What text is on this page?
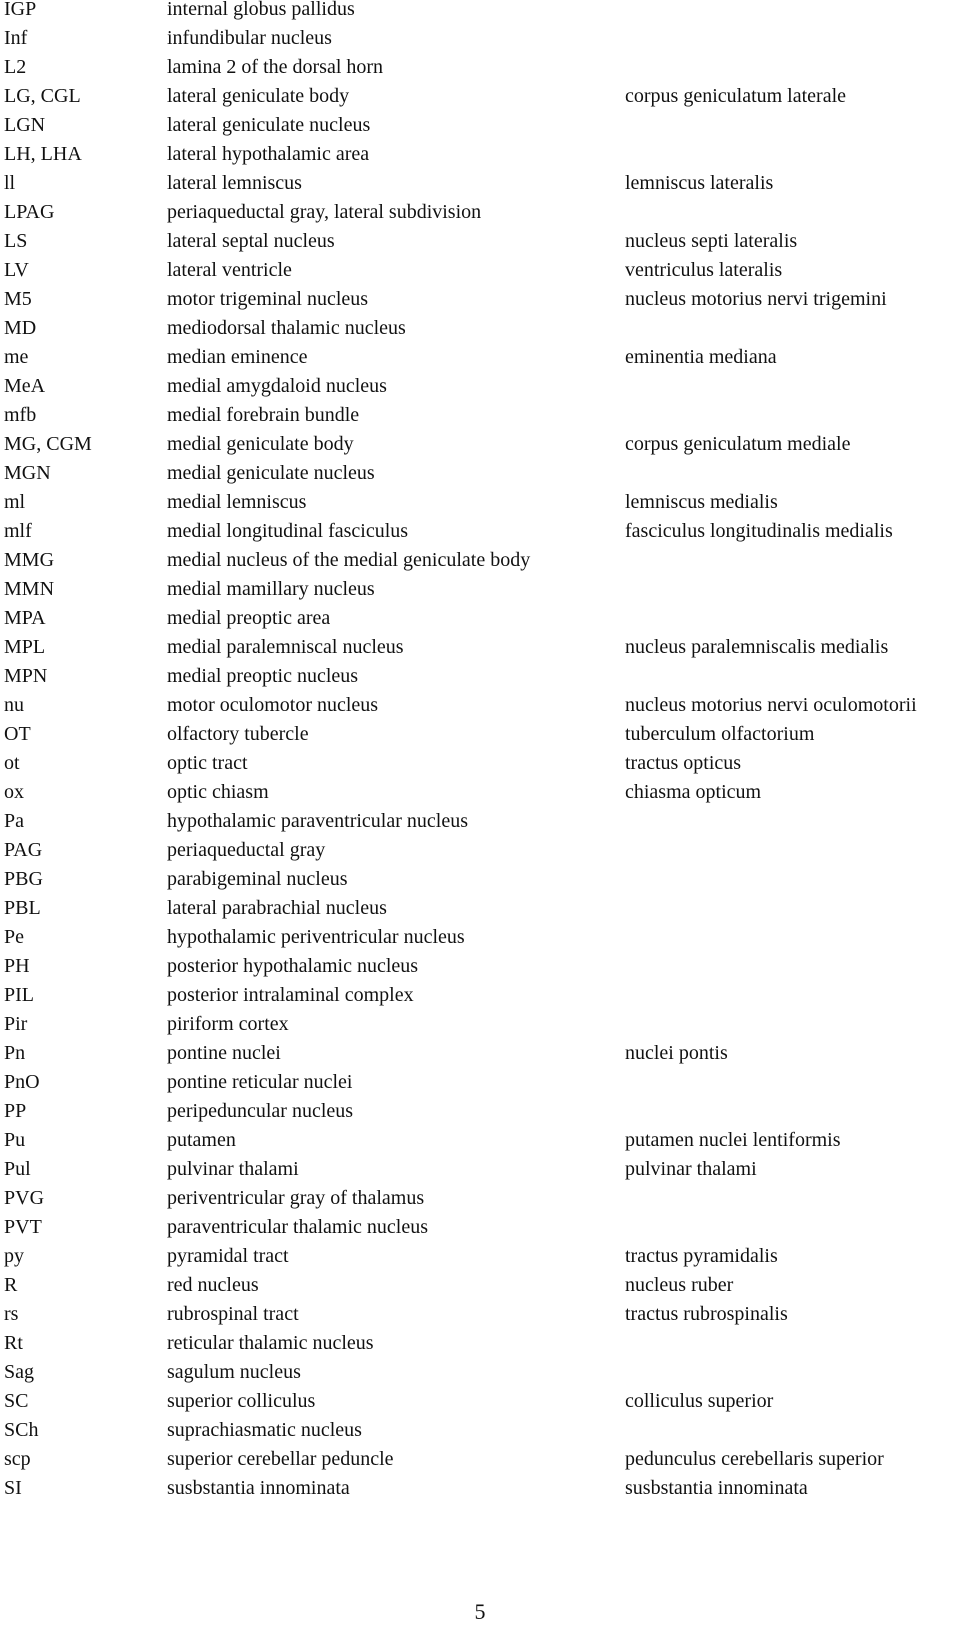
IGP	internal globus pallidus	
Inf	infundibular nucleus	
L2	lamina 2 of the dorsal horn	
LG, CGL	lateral geniculate body	corpus geniculatum laterale
LGN	lateral geniculate nucleus	
LH, LHA	lateral hypothalamic area	
ll	lateral lemniscus	lemniscus lateralis
LPAG	periaqueductal gray, lateral subdivision	
LS	lateral septal nucleus	nucleus septi lateralis
LV	lateral ventricle	ventriculus lateralis
M5	motor trigeminal nucleus	nucleus motorius nervi trigemini
MD	mediodorsal thalamic nucleus	
me	median eminence	eminentia mediana
MeA	medial amygdaloid nucleus	
mfb	medial forebrain bundle	
MG, CGM	medial geniculate body	corpus geniculatum mediale
MGN	medial geniculate nucleus	
ml	medial lemniscus	lemniscus medialis
mlf	medial longitudinal fasciculus	fasciculus longitudinalis medialis
MMG	medial nucleus of the medial geniculate body	
MMN	medial mamillary nucleus	
MPA	medial preoptic area	
MPL	medial paralemniscal nucleus	nucleus paralemniscalis medialis
MPN	medial preoptic nucleus	
nu	motor oculomotor nucleus	nucleus motorius nervi oculomotorii
OT	olfactory tubercle	tuberculum olfactorium
ot	optic tract	tractus opticus
ox	optic chiasm	chiasma opticum
Pa	hypothalamic paraventricular nucleus	
PAG	periaqueductal gray	
PBG	parabigeminal nucleus	
PBL	lateral parabrachial nucleus	
Pe	hypothalamic periventricular nucleus	
PH	posterior hypothalamic nucleus	
PIL	posterior intralaminal complex	
Pir	piriform cortex	
Pn	pontine nuclei	nuclei pontis
PnO	pontine reticular nuclei	
PP	peripeduncular nucleus	
Pu	putamen	putamen nuclei lentiformis
Pul	pulvinar thalami	pulvinar thalami
PVG	periventricular gray of thalamus	
PVT	paraventricular thalamic nucleus	
py	pyramidal tract	tractus pyramidalis
R	red nucleus	nucleus ruber
rs	rubrospinal tract	tractus rubrospinalis
Rt	reticular thalamic nucleus	
Sag	sagulum nucleus	
SC	superior colliculus	colliculus superior
SCh	suprachiasmatic nucleus	
scp	superior cerebellar peduncle	pedunculus cerebellaris superior
SI	susbstantia innominata	susbstantia innominata
5
